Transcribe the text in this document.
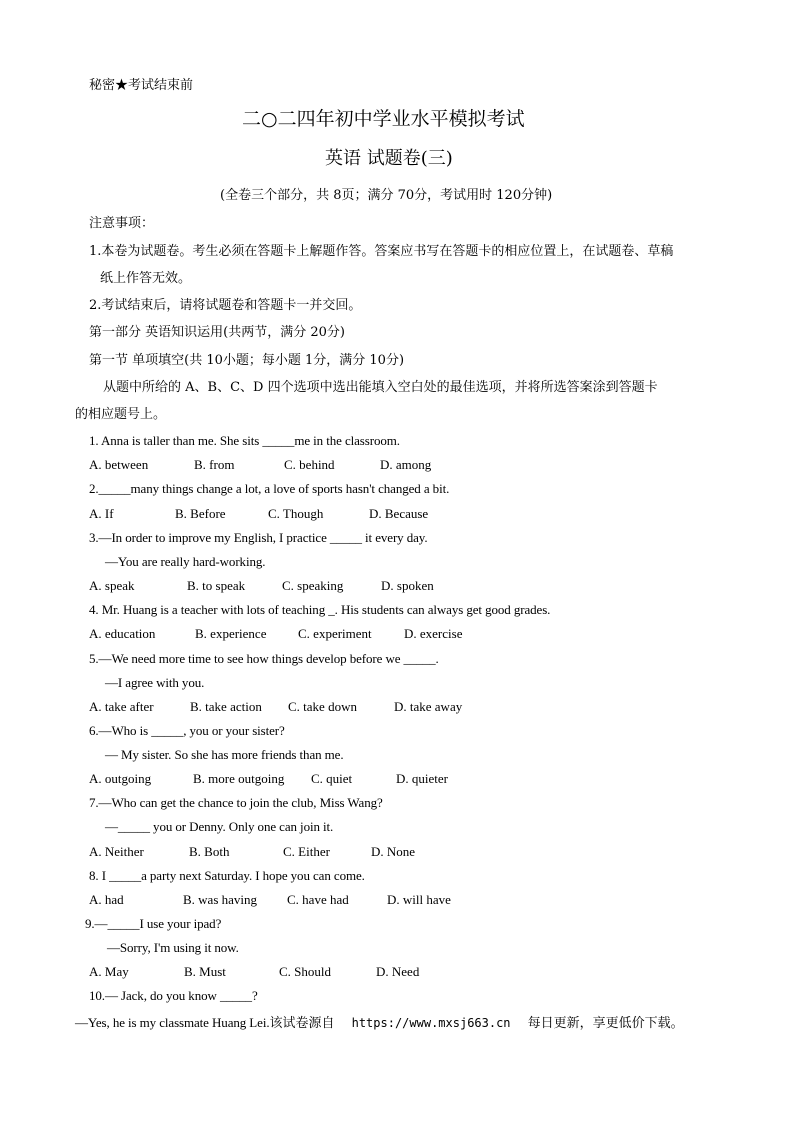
秘密★考试结束前
二○二四年初中学业水平模拟考试
英语 试题卷(三)
(全卷三个部分，共 8页；满分 70分，考试用时 120分钟)
注意事项：
1.本卷为试题卷。考生必须在答题卡上解题作答。答案应书写在答题卡的相应位置上，在试题卷、草稿
纸上作答无效。
2.考试结束后，请将试题卷和答题卡一并交回。
第一部分 英语知识运用(共两节，满分 20分)
第一节 单项填空(共 10小题；每小题 1分，满分 10分)
从题中所给的 A、B、C、D 四个选项中选出能填入空白处的最佳选项，并将所选答案涂到答题卡
的相应题号上。
1. Anna is taller than me. She sits _____me in the classroom.
A. between	B. from	C. behind	D. among
2._____many things change a lot, a love of sports hasn't changed a bit.
A. If	B. Before	C. Though	D. Because
3.—In order to improve my English, I practice _____ it every day.
—You are really hard-working.
A. speak	B. to speak	C. speaking	D. spoken
4. Mr. Huang is a teacher with lots of teaching _. His students can always get good grades.
A. education	B. experience C. experiment D. exercise
5.—We need more time to see how things develop before we _____.
—I agree with you.
A. take after	B. take action C. take down	D. take away
6.—Who is _____, you or your sister?
— My sister. So she has more friends than me.
A. outgoing	B. more outgoing C. quiet	D. quieter
7.—Who can get the chance to join the club, Miss Wang?
—_____ you or Denny. Only one can join it.
A. Neither	B. Both	C. Either	D. None
8. I _____a party next Saturday. I hope you can come.
A. had	B. was having C. have had	D. will have
9.—_____I use your ipad?
—Sorry, I'm using it now.
A. May	B. Must	C. Should	D. Need
10.— Jack, do you know _____?
—Yes, he is my classmate Huang Lei.该试卷源自 https://www.mxsj663.cn 每日更新，享更低价下载。
